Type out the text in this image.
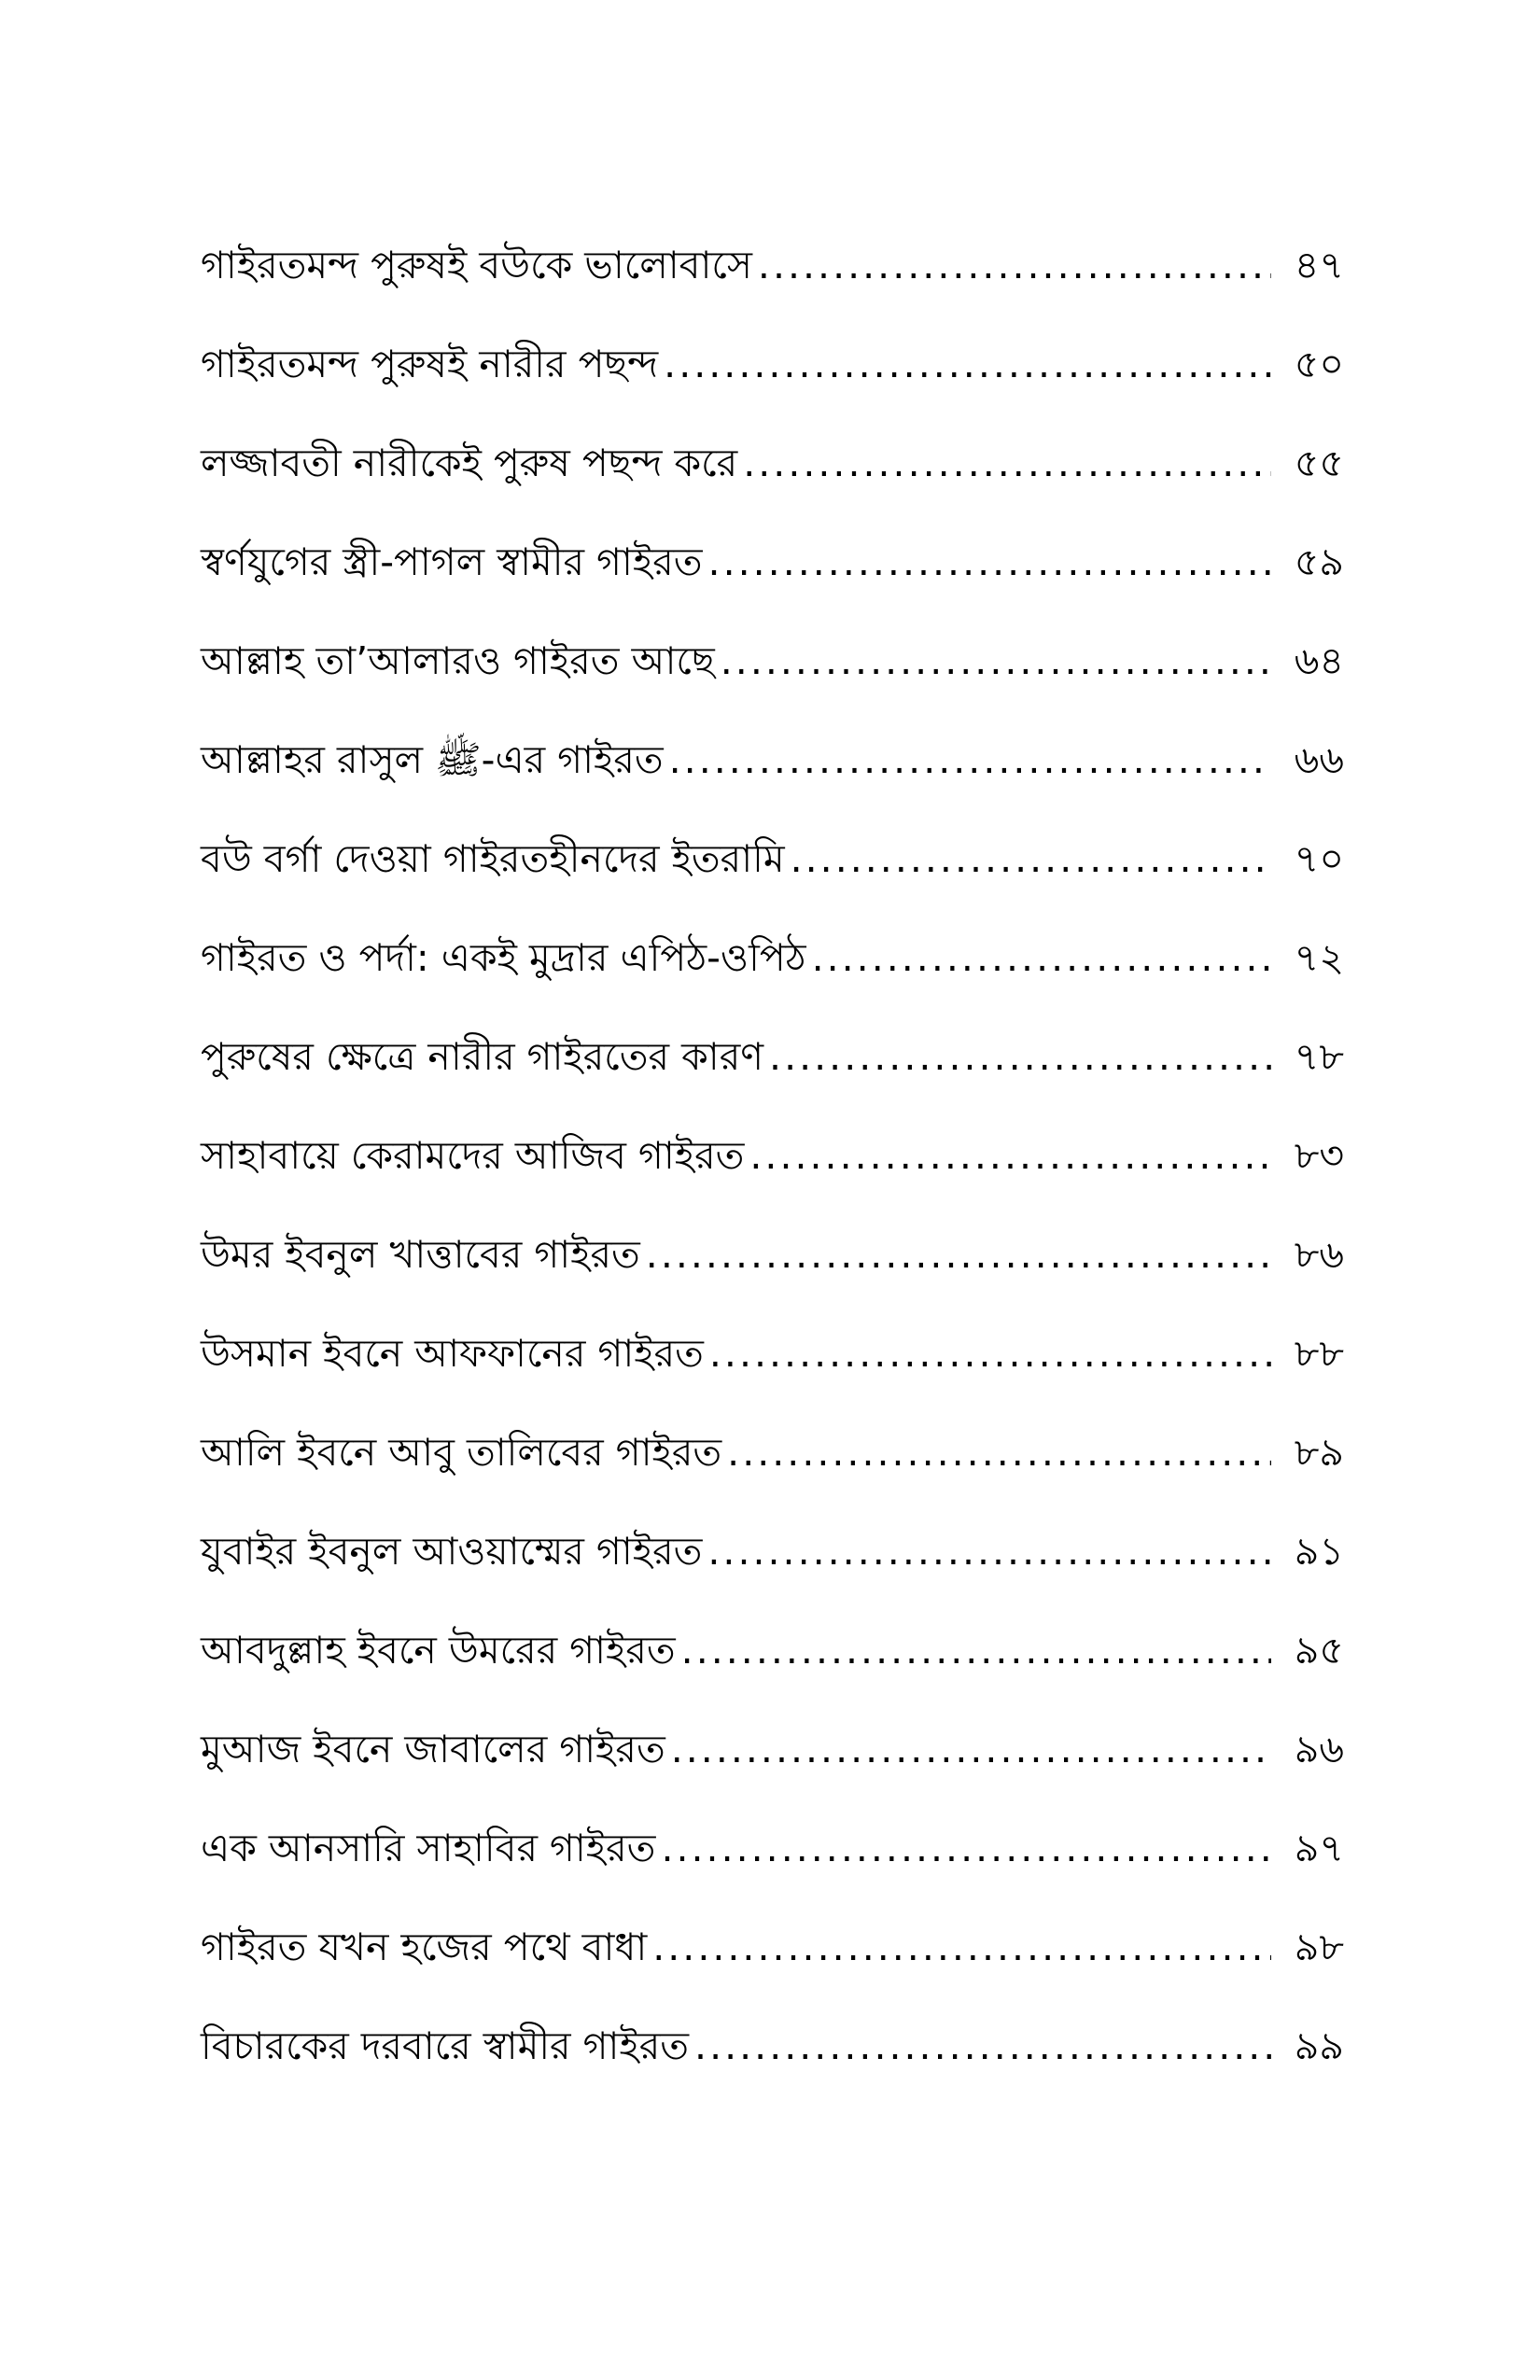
গাইরতমন্দ পুরুষই বউকে ভালোবাসে .....	৪৭
গাইরতমন্দ পুরুষই নারীর পছন্দ .....	৫০
লজ্জাবতী নারীকেই পুরুষ পছন্দ করে .....	৫৫
স্বর্ণযুগের স্ত্রী-পাগল স্বামীর গাইরত .....	৫৯
আল্লাহ তা’আলারও গাইরত আছে .....	৬৪
আল্লাহর রাসুল ﷺ-এর গাইরত .....	৬৬
বউ বর্গা দেওয়া গাইরতহীনদের ইতরামি .....	৭০
গাইরত ও পর্দা: একই মুদ্রার এপিঠ-ওপিঠ .....	৭২
পুরুষের ক্ষেত্রে নারীর গাইরতের কারণ .....	৭৮
সাহাবায়ে কেরামদের আজিব গাইরত .....	৮৩
উমর ইবনুল খাত্তাবের গাইরত .....	৮৬
উসমান ইবনে আফফানের গাইরত .....	৮৮
আলি ইবনে আবু তালিবের গাইরত .....	৮৯
যুবাইর ইবনুল আওয়াম্মের গাইরত .....	৯১
আবদুল্লাহ ইবনে উমরের গাইরত .....	৯৫
মুআজ ইবনে জাবালের গাইরত .....	৯৬
এক আনসারি সাহাবির গাইরত .....	৯৭
গাইরত যখন হজের পথে বাধা .....	৯৮
বিচারকের দরবারে স্বামীর গাইরত .....	৯৯
